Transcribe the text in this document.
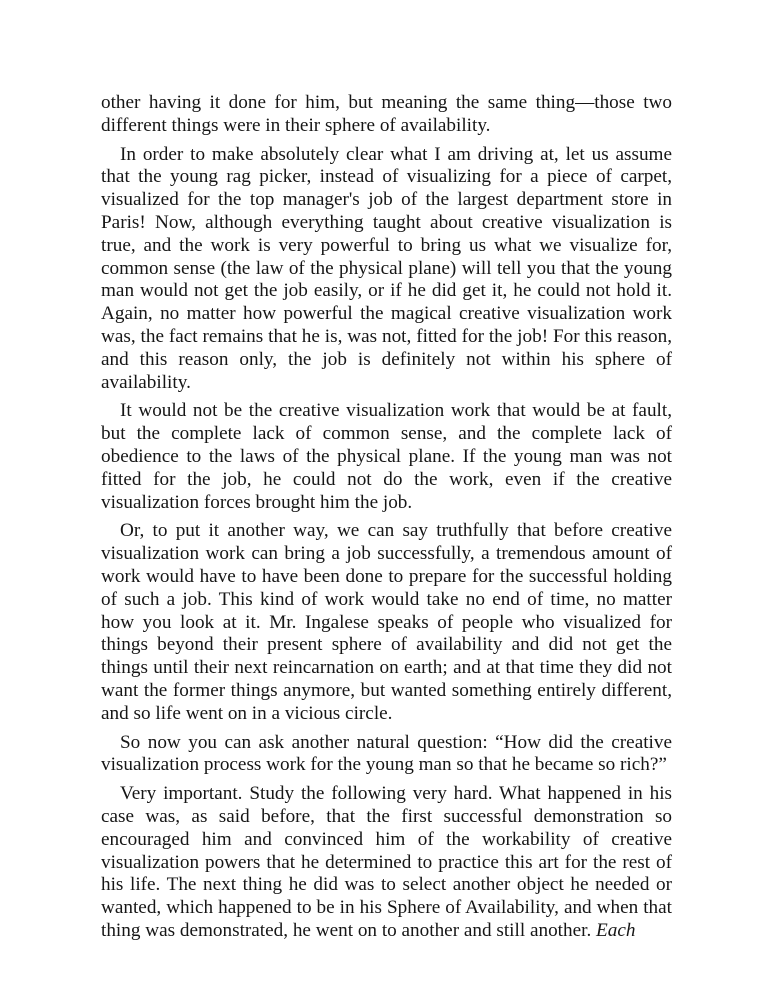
other having it done for him, but meaning the same thing—those two different things were in their sphere of availability.

In order to make absolutely clear what I am driving at, let us assume that the young rag picker, instead of visualizing for a piece of carpet, visualized for the top manager's job of the largest department store in Paris! Now, although everything taught about creative visualization is true, and the work is very powerful to bring us what we visualize for, common sense (the law of the physical plane) will tell you that the young man would not get the job easily, or if he did get it, he could not hold it. Again, no matter how powerful the magical creative visualization work was, the fact remains that he is, was not, fitted for the job! For this reason, and this reason only, the job is definitely not within his sphere of availability.

It would not be the creative visualization work that would be at fault, but the complete lack of common sense, and the complete lack of obedience to the laws of the physical plane. If the young man was not fitted for the job, he could not do the work, even if the creative visualization forces brought him the job.

Or, to put it another way, we can say truthfully that before creative visualization work can bring a job successfully, a tremendous amount of work would have to have been done to prepare for the successful holding of such a job. This kind of work would take no end of time, no matter how you look at it. Mr. Ingalese speaks of people who visualized for things beyond their present sphere of availability and did not get the things until their next reincarnation on earth; and at that time they did not want the former things anymore, but wanted something entirely different, and so life went on in a vicious circle.

So now you can ask another natural question: “How did the creative visualization process work for the young man so that he became so rich?”

Very important. Study the following very hard. What happened in his case was, as said before, that the first successful demonstration so encouraged him and convinced him of the workability of creative visualization powers that he determined to practice this art for the rest of his life. The next thing he did was to select another object he needed or wanted, which happened to be in his Sphere of Availability, and when that thing was demonstrated, he went on to another and still another. Each
